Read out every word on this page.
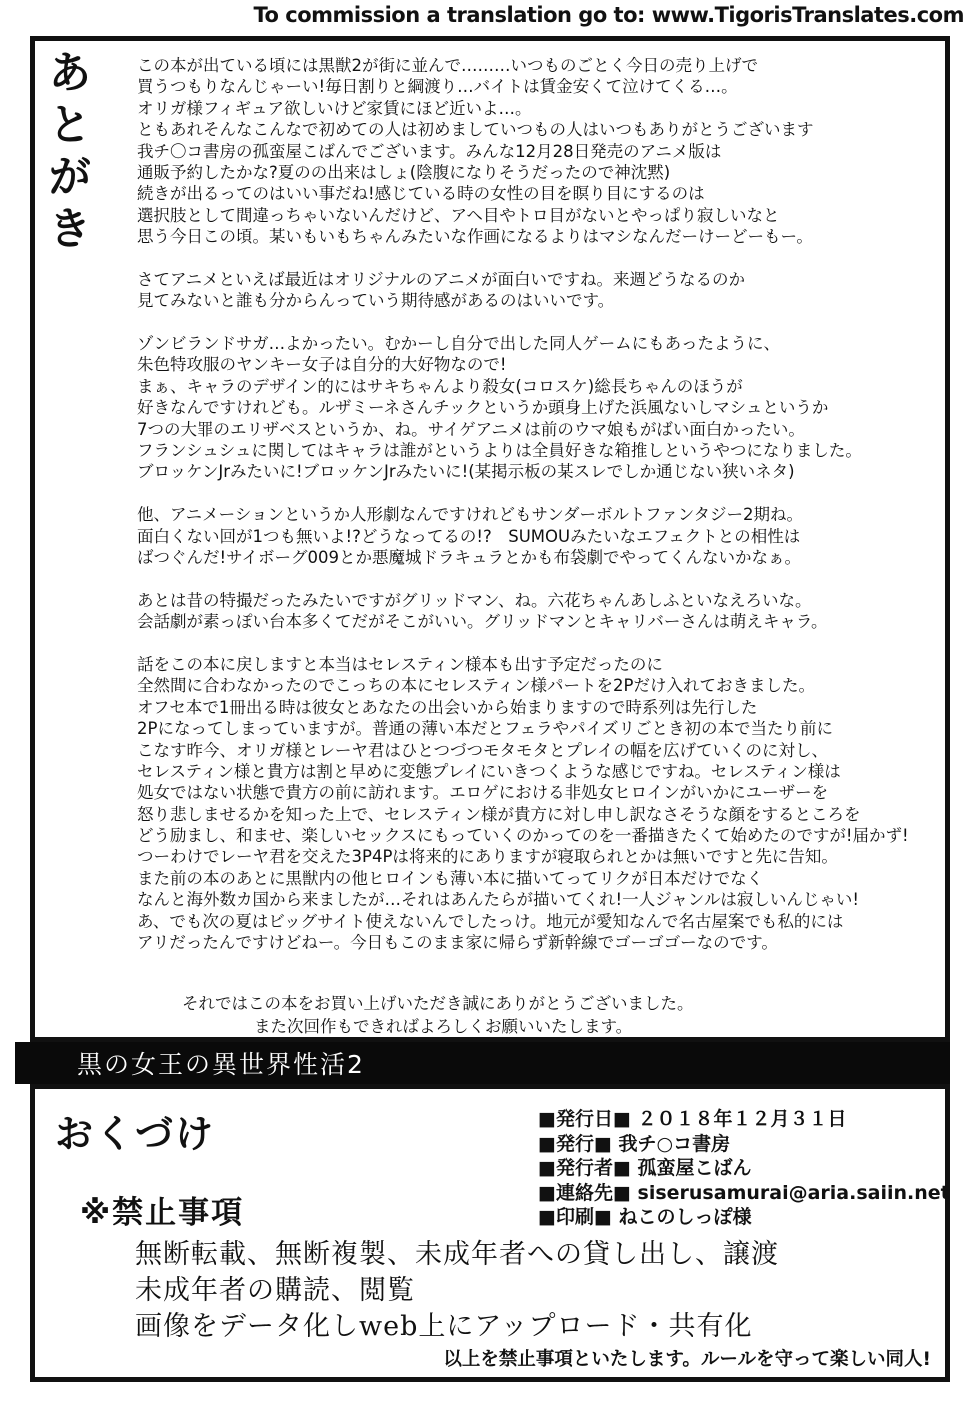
To commission a translation go to: www.TigorisTranslates.com
あとがき	この本が出ている頃には黒獣2が街に並んで………いつものごとく今日の売り上げで
買うつもりなんじゃーい!毎日割りと綱渡り…バイトは賃金安くて泣けてくる…。
オリガ様フィギュア欲しいけど家賃にほど近いよ…。
ともあれそんなこんなで初めての人は初めましていつもの人はいつもありがとうございます
我チ〇コ書房の孤蛮屋こばんでございます。みんな12月28日発売のアニメ版は
通販予約したかな?夏のの出来はしょ(陰腹になりそうだったので神沈黙)
続きが出るってのはいい事だね!感じている時の女性の目を瞑り目にするのは
選択肢として間違っちゃいないんだけど、アヘ目やトロ目がないとやっぱり寂しいなと
思う今日この頃。某いもいもちゃんみたいな作画になるよりはマシなんだーけーどーもー。
さてアニメといえば最近はオリジナルのアニメが面白いですね。来週どうなるのか
見てみないと誰も分からんっていう期待感があるのはいいです。
ゾンビランドサガ…よかったい。むかーし自分で出した同人ゲームにもあったように、
朱色特攻服のヤンキー女子は自分的大好物なので!
まぁ、キャラのデザイン的にはサキちゃんより殺女(コロスケ)総長ちゃんのほうが
好きなんですけれども。ルザミーネさんチックというか頭身上げた浜風ないしマシュというか
7つの大罪のエリザベスというか、ね。サイゲアニメは前のウマ娘もがばい面白かったい。
フランシュシュに関してはキャラは誰がというよりは全員好きな箱推しというやつになりました。
ブロッケンJrみたいに!ブロッケンJrみたいに!(某掲示板の某スレでしか通じない狭いネタ)
他、アニメーションというか人形劇なんですけれどもサンダーボルトファンタジー2期ね。
面白くない回が1つも無いよ!?どうなってるの!?　SUMOUみたいなエフェクトとの相性は
ばつぐんだ!サイボーグ009とか悪魔城ドラキュラとかも布袋劇でやってくんないかなぁ。
あとは昔の特撮だったみたいですがグリッドマン、ね。六花ちゃんあしふといなえろいな。
会話劇が素っぽい台本多くてだがそこがいい。グリッドマンとキャリバーさんは萌えキャラ。
話をこの本に戻しますと本当はセレスティン様本も出す予定だったのに
全然間に合わなかったのでこっちの本にセレスティン様パートを2Pだけ入れておきました。
オフセ本で1冊出る時は彼女とあなたの出会いから始まりますので時系列は先行した
2Pになってしまっていますが。普通の薄い本だとフェラやパイズリごとき初の本で当たり前に
こなす昨今、オリガ様とレーヤ君はひとつづつモタモタとプレイの幅を広げていくのに対し、
セレスティン様と貴方は割と早めに変態プレイにいきつくような感じですね。セレスティン様は
処女ではない状態で貴方の前に訪れます。エロゲにおける非処女ヒロインがいかにユーザーを
怒り悲しませるかを知った上で、セレスティン様が貴方に対し申し訳なさそうな顔をするところを
どう励まし、和ませ、楽しいセックスにもっていくのかってのを一番描きたくて始めたのですが!届かず!
つーわけでレーヤ君を交えた3P4Pは将来的にありますが寝取られとかは無いですと先に告知。
また前の本のあとに黒獣内の他ヒロインも薄い本に描いてってリクが日本だけでなく
なんと海外数カ国から来ましたが…それはあんたらが描いてくれ!一人ジャンルは寂しいんじゃい!
あ、でも次の夏はビッグサイト使えないんでしたっけ。地元が愛知なんで名古屋案でも私的には
アリだったんですけどねー。今日もこのまま家に帰らず新幹線でゴーゴゴーなのです。
それではこの本をお買い上げいただき誠にありがとうございました。
また次回作もできればよろしくお願いいたします。
黒の女王の異世界性活2
おくづけ	■発行日■ ２０１８年１２月３１日
■発行■ 我チ○コ書房
■発行者■ 孤蛮屋こばん
■連絡先■ siserusamurai@aria.saiin.net
■印刷■ ねこのしっぽ様
※禁止事項
無断転載、無断複製、未成年者への貸し出し、譲渡
未成年者の購読、閲覧
画像をデータ化しweb上にアップロード・共有化
以上を禁止事項といたします。ルールを守って楽しい同人!
